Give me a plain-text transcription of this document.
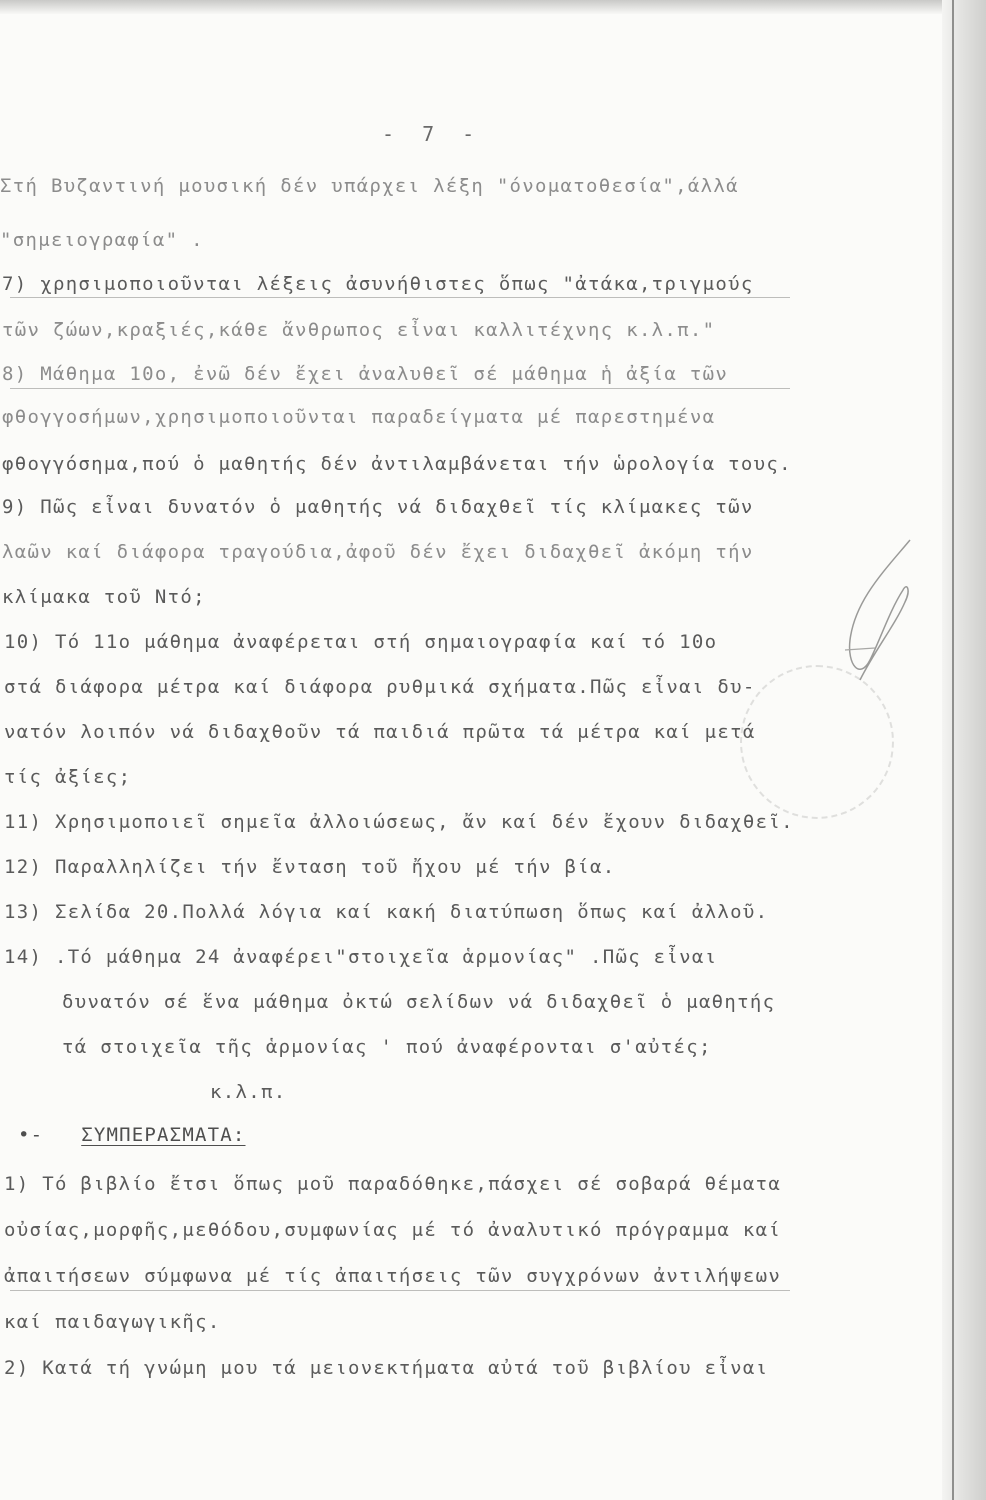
- 7 -
Στή Βυζαντινή μουσική δέν υπάρχει λέξη "όνοματοθεσία",άλλά
"σημειογραφία" .
7) χρησιμοποιοῦνται λέξεις ἀσυνήθιστες ὅπως "ἀτάκα,τριγμούς
τῶν ζώων,κραξιές,κάθε ἄνθρωπος εἶναι καλλιτέχνης κ.λ.π."
8) Μάθημα 10ο, ἐνῶ δέν ἔχει ἀναλυθεῖ σέ μάθημα ἡ ἀξία τῶν
φθογγοσήμων,χρησιμοποιοῦνται παραδείγματα μέ παρεστημένα
φθογγόσημα,πού ὁ μαθητής δέν ἀντιλαμβάνεται τήν ὡρολογία τους.
9) Πῶς εἶναι δυνατόν ὁ μαθητής νά διδαχθεῖ τίς κλίμακες τῶν
λαῶν καί διάφορα τραγούδια,ἀφοῦ δέν ἔχει διδαχθεῖ ἀκόμη τήν
κλίμακα τοῦ Ντό;
10) Τό 11ο μάθημα ἀναφέρεται στή σημαιογραφία καί τό 10ο
στά διάφορα μέτρα καί διάφορα ρυθμικά σχήματα.Πῶς εἶναι δυ-
νατόν λοιπόν νά διδαχθοῦν τά παιδιά πρῶτα τά μέτρα καί μετά
τίς ἀξίες;
11) Χρησιμοποιεῖ σημεῖα ἀλλοιώσεως, ἄν καί δέν ἔχουν διδαχθεῖ.
12) Παραλληλίζει τήν ἔνταση τοῦ ἤχου μέ τήν βία.
13) Σελίδα 20.Πολλά λόγια καί κακή διατύπωση ὅπως καί ἀλλοῦ.
14) .Τό μάθημα 24 ἀναφέρει"στοιχεῖα ἁρμονίας" .Πῶς εἶναι
δυνατόν σέ ἕνα μάθημα ὀκτώ σελίδων νά διδαχθεῖ ὁ μαθητής
τά στοιχεῖα τῆς ἁρμονίας ' πού ἀναφέρονται σ'αὐτές;
κ.λ.π.
•- ΣΥΜΠΕΡΑΣΜΑΤΑ:
1) Τό βιβλίο ἔτσι ὅπως μοῦ παραδόθηκε,πάσχει σέ σοβαρά θέματα
οὐσίας,μορφῆς,μεθόδου,συμφωνίας μέ τό ἀναλυτικό πρόγραμμα καί
ἀπαιτήσεων σύμφωνα μέ τίς ἀπαιτήσεις τῶν συγχρόνων ἀντιλήψεων
καί παιδαγωγικῆς.
2) Κατά τή γνώμη μου τά μειονεκτήματα αὐτά τοῦ βιβλίου εἶναι
